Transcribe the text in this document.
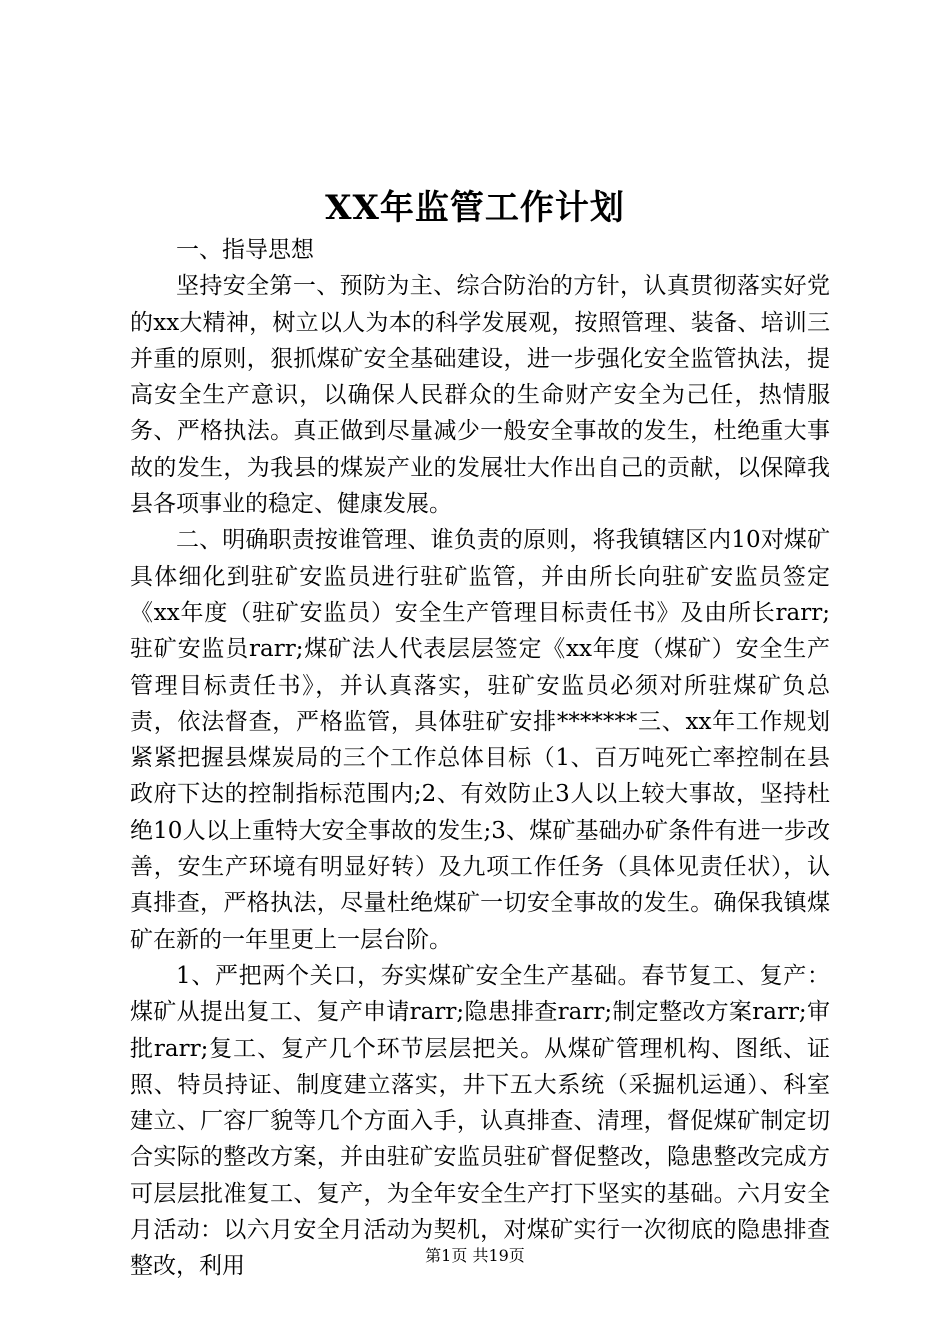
XX年监管工作计划

一、指导思想

坚持安全第一、预防为主、综合防治的方针，认真贯彻落实好党的xx大精神，树立以人为本的科学发展观，按照管理、装备、培训三并重的原则，狠抓煤矿安全基础建设，进一步强化安全监管执法，提高安全生产意识，以确保人民群众的生命财产安全为己任，热情服务、严格执法。真正做到尽量减少一般安全事故的发生，杜绝重大事故的发生，为我县的煤炭产业的发展壮大作出自己的贡献，以保障我县各项事业的稳定、健康发展。

二、明确职责按谁管理、谁负责的原则，将我镇辖区内10对煤矿具体细化到驻矿安监员进行驻矿监管，并由所长向驻矿安监员签定《xx年度（驻矿安监员）安全生产管理目标责任书》及由所长rarr;驻矿安监员rarr;煤矿法人代表层层签定《xx年度（煤矿）安全生产管理目标责任书》，并认真落实，驻矿安监员必须对所驻煤矿负总责，依法督查，严格监管，具体驻矿安排*******三、xx年工作规划紧紧把握县煤炭局的三个工作总体目标（1、百万吨死亡率控制在县政府下达的控制指标范围内;2、有效防止3人以上较大事故，坚持杜绝10人以上重特大安全事故的发生;3、煤矿基础办矿条件有进一步改善，安生产环境有明显好转）及九项工作任务（具体见责任状），认真排查，严格执法，尽量杜绝煤矿一切安全事故的发生。确保我镇煤矿在新的一年里更上一层台阶。

1、严把两个关口，夯实煤矿安全生产基础。春节复工、复产：煤矿从提出复工、复产申请rarr;隐患排查rarr;制定整改方案rarr;审批rarr;复工、复产几个环节层层把关。从煤矿管理机构、图纸、证照、特员持证、制度建立落实，井下五大系统（采掘机运通）、科室建立、厂容厂貌等几个方面入手，认真排查、清理，督促煤矿制定切合实际的整改方案，并由驻矿安监员驻矿督促整改，隐患整改完成方可层层批准复工、复产，为全年安全生产打下坚实的基础。六月安全月活动：以六月安全月活动为契机，对煤矿实行一次彻底的隐患排查整改，利用	第1页 共19页
